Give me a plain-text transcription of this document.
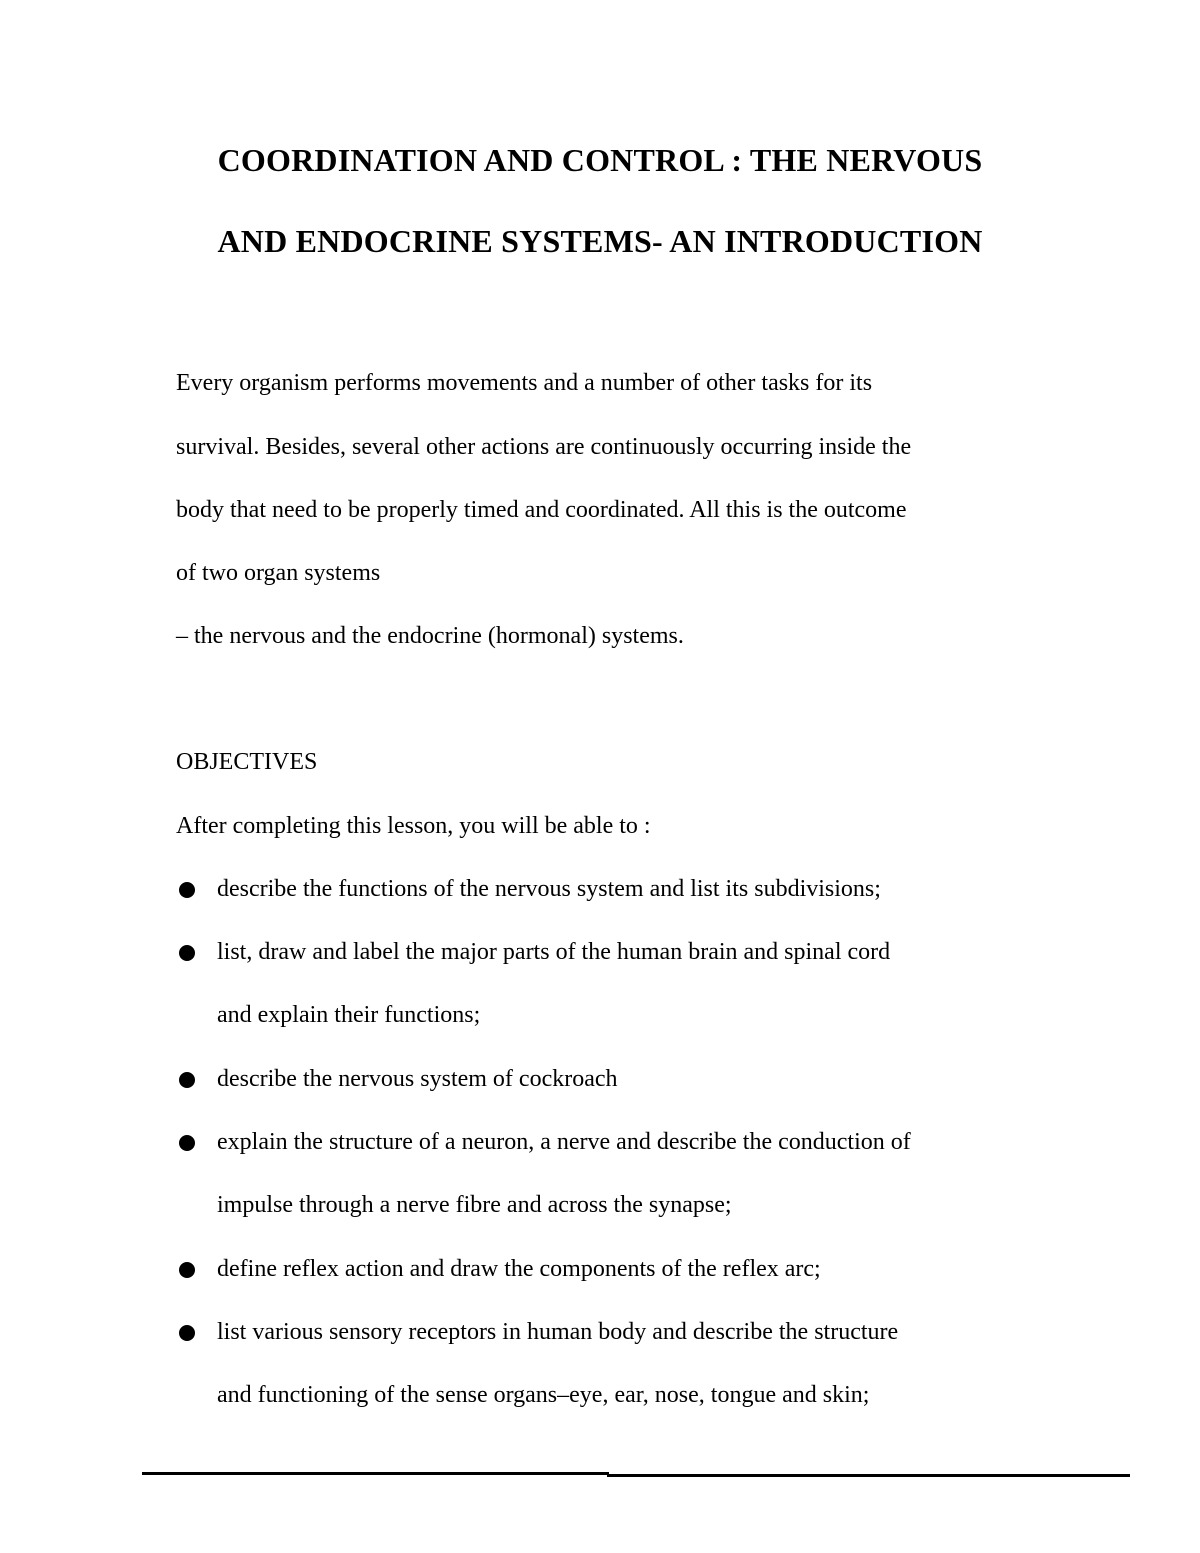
COORDINATION AND CONTROL : THE NERVOUS
AND ENDOCRINE SYSTEMS- AN INTRODUCTION
Every organism performs movements and a number of other tasks for its
survival. Besides, several other actions are continuously occurring inside the
body that need to be properly timed and coordinated. All this is the outcome
of two organ systems
– the nervous and the endocrine (hormonal) systems.
OBJECTIVES
After completing this lesson, you will be able to :
describe the functions of the nervous system and list its subdivisions;
list, draw and label the major parts of the human brain and spinal cord
and explain their functions;
describe the nervous system of cockroach
explain the structure of a neuron, a nerve and describe the conduction of
impulse through a nerve fibre and across the synapse;
define reflex action and draw the components of the reflex arc;
list various sensory receptors in human body and describe the structure
and functioning of the sense organs–eye, ear, nose, tongue and skin;
